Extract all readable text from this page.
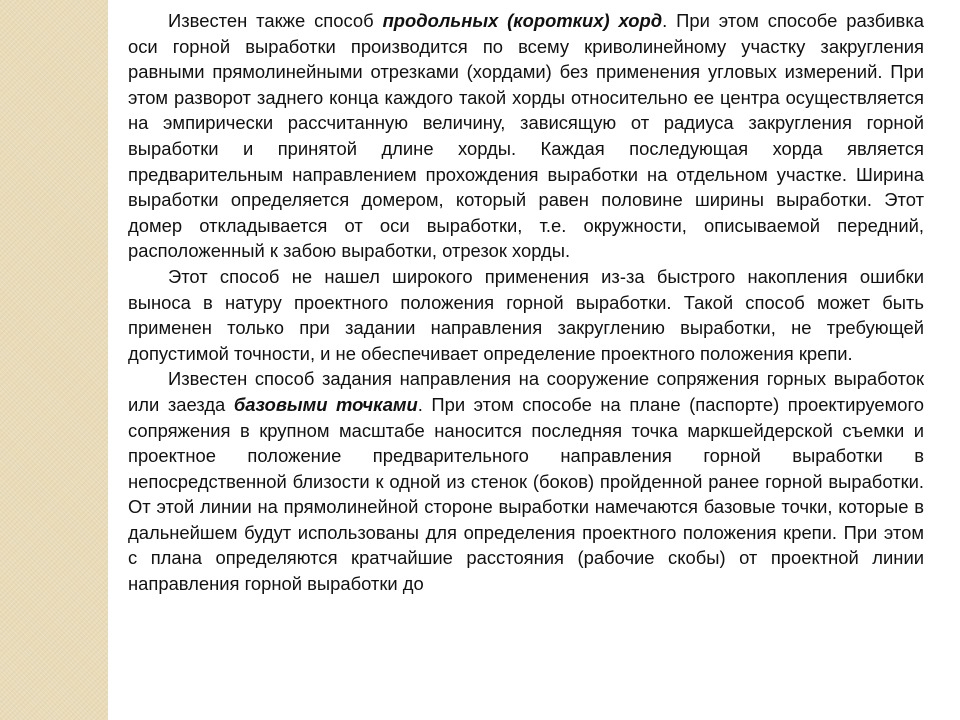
Известен также способ продольных (коротких) хорд. При этом способе разбивка оси горной выработки производится по всему криволинейному участку закругления равными прямолинейными отрезками (хордами) без применения угловых измерений. При этом разворот заднего конца каждого такой хорды относительно ее центра осуществляется на эмпирически рассчитанную величину, зависящую от радиуса закругления горной выработки и принятой длине хорды. Каждая последующая хорда является предварительным направлением прохождения выработки на отдельном участке. Ширина выработки определяется домером, который равен половине ширины выработки. Этот домер откладывается от оси выработки, т.е. окружности, описываемой передний, расположенный к забою выработки, отрезок хорды.

Этот способ не нашел широкого применения из-за быстрого накопления ошибки выноса в натуру проектного положения горной выработки. Такой способ может быть применен только при задании направления закруглению выработки, не требующей допустимой точности, и не обеспечивает определение проектного положения крепи.

Известен способ задания направления на сооружение сопряжения горных выработок или заезда базовыми точками. При этом способе на плане (паспорте) проектируемого сопряжения в крупном масштабе наносится последняя точка маркшейдерской съемки и проектное положение предварительного направления горной выработки в непосредственной близости к одной из стенок (боков) пройденной ранее горной выработки. От этой линии на прямолинейной стороне выработки намечаются базовые точки, которые в дальнейшем будут использованы для определения проектного положения крепи. При этом с плана определяются кратчайшие расстояния (рабочие скобы) от проектной линии направления горной выработки до
